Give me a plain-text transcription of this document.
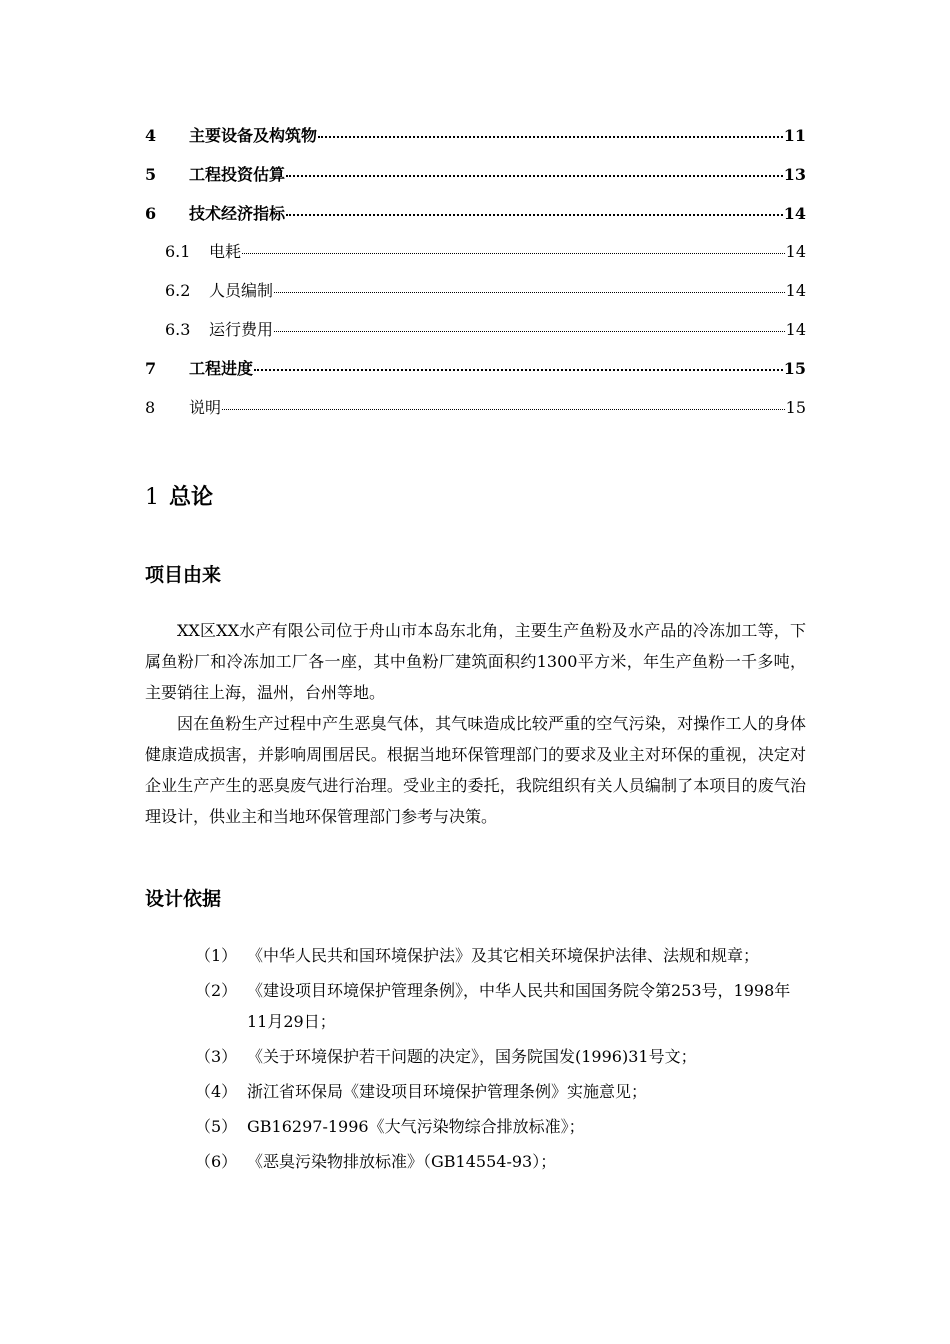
4	主要设备及构筑物	11
5	工程投资估算	13
6	技术经济指标	14
6.1	电耗	14
6.2	人员编制	14
6.3	运行费用	14
7	工程进度	15
8	说明	15
1 总论
项目由来

XX区XX水产有限公司位于舟山市本岛东北角，主要生产鱼粉及水产品的冷冻加工等，下属鱼粉厂和冷冻加工厂各一座，其中鱼粉厂建筑面积约1300平方米，年生产鱼粉一千多吨，主要销往上海，温州，台州等地。

因在鱼粉生产过程中产生恶臭气体，其气味造成比较严重的空气污染，对操作工人的身体健康造成损害，并影响周围居民。根据当地环保管理部门的要求及业主对环保的重视，决定对企业生产产生的恶臭废气进行治理。受业主的委托，我院组织有关人员编制了本项目的废气治理设计，供业主和当地环保管理部门参考与决策。

设计依据
（1） 《中华人民共和国环境保护法》及其它相关环境保护法律、法规和规章；
（2） 《建设项目环境保护管理条例》，中华人民共和国国务院令第253号，1998年11月29日；
（3） 《关于环境保护若干问题的决定》，国务院国发(1996)31号文；
（4） 浙江省环保局《建设项目环境保护管理条例》实施意见；
（5） GB16297-1996《大气污染物综合排放标准》；
（6） 《恶臭污染物排放标准》（GB14554-93）；
